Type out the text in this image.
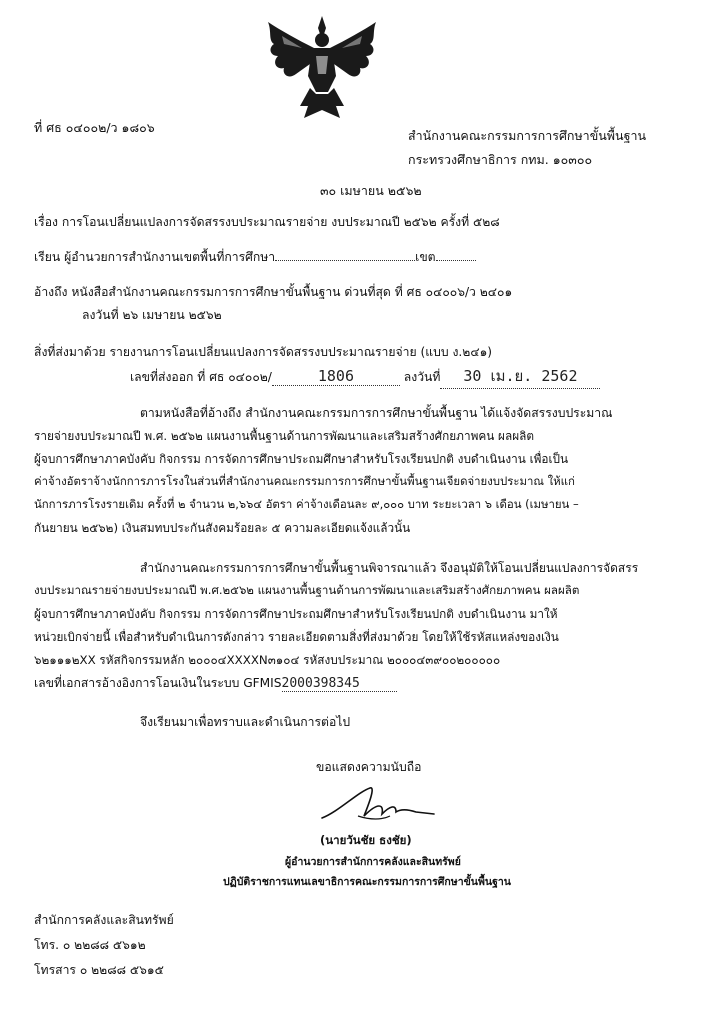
ที่ ศธ ๐๔๐๐๒/ว ๑๘๐๖
สำนักงานคณะกรรมการการศึกษาขั้นพื้นฐาน
กระทรวงศึกษาธิการ กทม. ๑๐๓๐๐
๓๐ เมษายน ๒๕๖๒
เรื่อง การโอนเปลี่ยนแปลงการจัดสรรงบประมาณรายจ่าย งบประมาณปี ๒๕๖๒ ครั้งที่ ๕๒๘
เรียน ผู้อำนวยการสำนักงานเขตพื้นที่การศึกษา	เขต
อ้างถึง หนังสือสำนักงานคณะกรรมการการศึกษาขั้นพื้นฐาน ด่วนที่สุด ที่ ศธ ๐๔๐๐๖/ว ๒๔๐๑
ลงวันที่ ๒๖ เมษายน ๒๕๖๒
สิ่งที่ส่งมาด้วย รายงานการโอนเปลี่ยนแปลงการจัดสรรงบประมาณรายจ่าย (แบบ ง.๒๔๑)
เลขที่ส่งออก ที่ ศธ ๐๔๐๐๒/	1806	ลงวันที่ 30 เม.ย. 2562
ตามหนังสือที่อ้างถึง สำนักงานคณะกรรมการการศึกษาขั้นพื้นฐาน ได้แจ้งจัดสรรงบประมาณ
รายจ่ายงบประมาณปี พ.ศ. ๒๕๖๒ แผนงานพื้นฐานด้านการพัฒนาและเสริมสร้างศักยภาพคน ผลผลิต
ผู้จบการศึกษาภาคบังคับ กิจกรรม การจัดการศึกษาประถมศึกษาสำหรับโรงเรียนปกติ งบดำเนินงาน เพื่อเป็น
ค่าจ้างอัตราจ้างนักการภารโรงในส่วนที่สำนักงานคณะกรรมการการศึกษาขั้นพื้นฐานเจียดจ่ายงบประมาณ ให้แก่
นักการภารโรงรายเดิม ครั้งที่ ๒ จำนวน ๒,๖๖๔ อัตรา ค่าจ้างเดือนละ ๙,๐๐๐ บาท ระยะเวลา ๖ เดือน (เมษายน –
กันยายน ๒๕๖๒) เงินสมทบประกันสังคมร้อยละ ๕ ความละเอียดแจ้งแล้วนั้น
สำนักงานคณะกรรมการการศึกษาขั้นพื้นฐานพิจารณาแล้ว จึงอนุมัติให้โอนเปลี่ยนแปลงการจัดสรร
งบประมาณรายจ่ายงบประมาณปี พ.ศ.๒๕๖๒ แผนงานพื้นฐานด้านการพัฒนาและเสริมสร้างศักยภาพคน ผลผลิต
ผู้จบการศึกษาภาคบังคับ กิจกรรม การจัดการศึกษาประถมศึกษาสำหรับโรงเรียนปกติ งบดำเนินงาน มาให้
หน่วยเบิกจ่ายนี้ เพื่อสำหรับดำเนินการดังกล่าว รายละเอียดตามสิ่งที่ส่งมาด้วย โดยให้ใช้รหัสแหล่งของเงิน
๖๒๑๑๑๒XX รหัสกิจกรรมหลัก ๒๐๐๐๔XXXXN๓๑๐๔ รหัสงบประมาณ ๒๐๐๐๔๓๙๐๐๒๐๐๐๐๐
เลขที่เอกสารอ้างอิงการโอนเงินในระบบ GFMIS2000398345
จึงเรียนมาเพื่อทราบและดำเนินการต่อไป
ขอแสดงความนับถือ
(นายวันชัย ธงชัย)
ผู้อำนวยการสำนักการคลังและสินทรัพย์
ปฏิบัติราชการแทนเลขาธิการคณะกรรมการการศึกษาขั้นพื้นฐาน
สำนักการคลังและสินทรัพย์
โทร. ๐ ๒๒๘๘ ๕๖๑๒
โทรสาร ๐ ๒๒๘๘ ๕๖๑๕
